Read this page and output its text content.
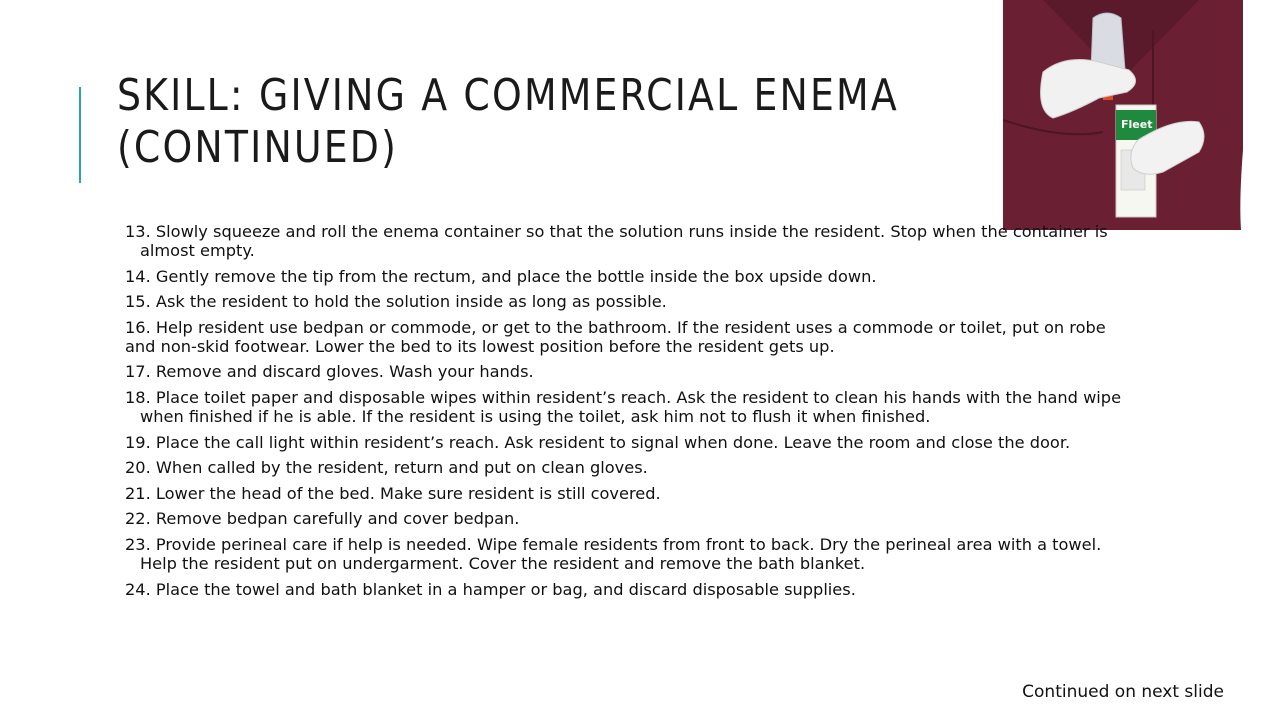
SKILL: GIVING A COMMERCIAL ENEMA
(CONTINUED)	Fleet
13. Slowly squeeze and roll the enema container so that the solution runs inside the resident. Stop when the container is almost empty.
14. Gently remove the tip from the rectum, and place the bottle inside the box upside down.
15. Ask the resident to hold the solution inside as long as possible.
16. Help resident use bedpan or commode, or get to the bathroom. If the resident uses a commode or toilet, put on robe and non-skid footwear. Lower the bed to its lowest position before the resident gets up.
17. Remove and discard gloves. Wash your hands.
18. Place toilet paper and disposable wipes within resident’s reach. Ask the resident to clean his hands with the hand wipe when finished if he is able. If the resident is using the toilet, ask him not to flush it when finished.
19. Place the call light within resident’s reach. Ask resident to signal when done. Leave the room and close the door.
20. When called by the resident, return and put on clean gloves.
21. Lower the head of the bed. Make sure resident is still covered.
22. Remove bedpan carefully and cover bedpan.
23. Provide perineal care if help is needed. Wipe female residents from front to back. Dry the perineal area with a towel. Help the resident put on undergarment. Cover the resident and remove the bath blanket.
24. Place the towel and bath blanket in a hamper or bag, and discard disposable supplies.
Continued on next slide
